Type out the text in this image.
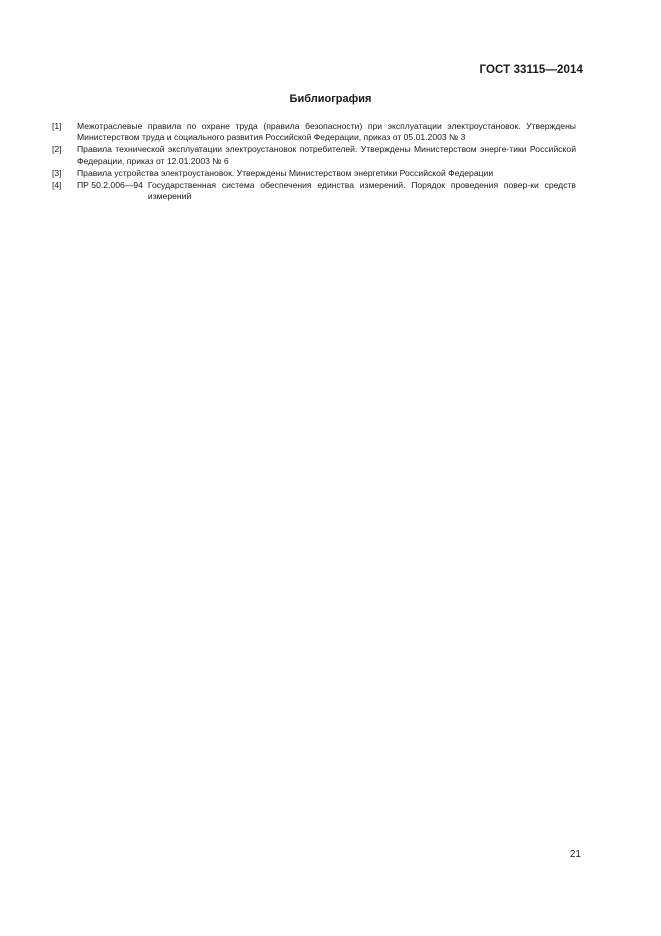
ГОСТ 33115—2014
Библиография
[1]	Межотраслевые правила по охране труда (правила безопасности) при эксплуатации электроустановок. Утверждены Министерством труда и социального развития Российской Федерации, приказ от 05.01.2003 № 3
[2]	Правила технической эксплуатации электроустановок потребителей. Утверждены Министерством энерге-тики Российской Федерации, приказ от 12.01.2003 № 6
[3]	Правила устройства электроустановок. Утверждены Министерством энергетики Российской Федерации
[4]	ПР 50.2.006—94 Государственная система обеспечения единства измерений. Порядок проведения повер-ки средств измерений
21
